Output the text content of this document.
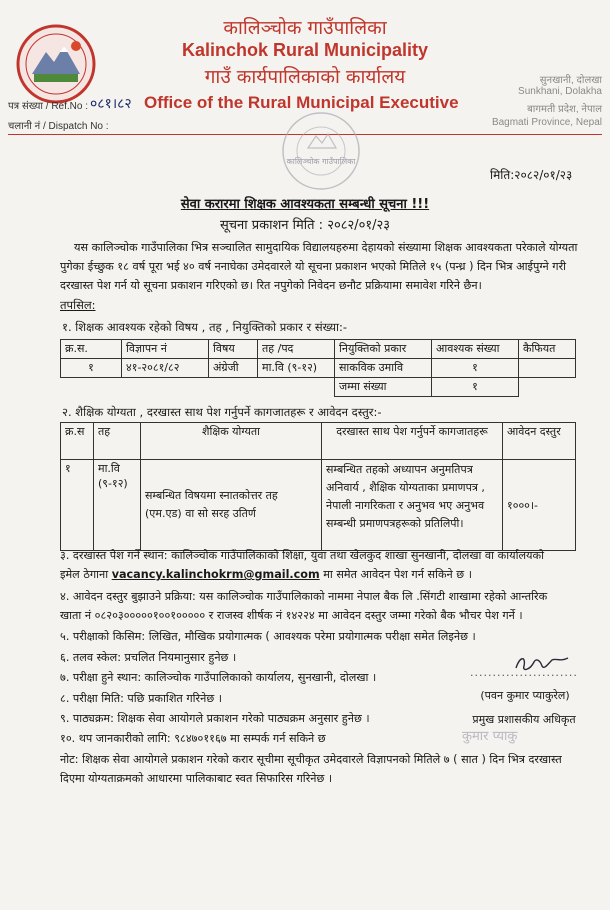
कालिञ्चोक गाउँपालिका
Kalinchok Rural Municipality
गाउँ कार्यपालिकाको कार्यालय
पत्र संख्या / Ref.No : ०८१।८२ Office of the Rural Municipal Executive
चलानी नं / Dispatch No :
सुनखानी, दोलखा
Sunkhani, Dolakha
बागमती प्रदेश, नेपाल
Bagmati Province, Nepal
कालिञ्चोक गाउँपालिका
मिति:२०८२/०१/२३
सेवा करारमा शिक्षक आवश्यकता सम्बन्धी सूचना !!!
सूचना प्रकाशन मिति : २०८२/०१/२३
यस कालिञ्चोक गाउँपालिका भित्र सञ्चालित सामुदायिक विद्यालयहरुमा देहायको संख्यामा शिक्षक आवश्यकता परेकाले योग्यता पुगेका ईच्छुक १८ वर्ष पूरा भई ४० वर्ष ननाघेका उमेदवारले यो सूचना प्रकाशन भएको मितिले १५ (पन्ध्र ) दिन भित्र आईपुग्ने गरी दरखास्त पेश गर्न यो सूचना प्रकाशन गरिएको छ। रित नपुगेको निवेदन छनौट प्रक्रियामा समावेश गरिने छैन।
तपसिल:
१. शिक्षक आवश्यक रहेको विषय , तह , नियुक्तिको प्रकार र संख्या:-
क्र.स.	विज्ञापन नं	विषय	तह /पद	नियुक्तिको प्रकार	आवश्यक संख्या	कैफियत
१	४१-२०८१/८२	अंग्रेजी	मा.वि (९-१२)	साकविक उमावि	१	
				जम्मा संख्या	१	
२. शैक्षिक योग्यता , दरखास्त साथ पेश गर्नुपर्ने कागजातहरू र आवेदन दस्तुर:-
क्र.स	तह	शैक्षिक योग्यता	दरखास्त साथ पेश गर्नुपर्ने कागजातहरू	आवेदन दस्तुर
१	मा.वि (९-१२)	सम्बन्धित विषयमा स्नातकोत्तर तह (एम.एड) वा सो सरह उतिर्ण	सम्बन्धित तहको अध्यापन अनुमतिपत्र अनिवार्य , शैक्षिक योग्यताका प्रमाणपत्र , नेपाली नागरिकता र अनुभव भए अनुभव सम्बन्धी प्रमाणपत्रहरूको प्रतिलिपी।	१०००।-
३. दरखास्त पेश गर्ने स्थान: कालिञ्चोक गाउँपालिकाको शिक्षा, युवा तथा खेलकुद शाखा सुनखानी, दोलखा वा कार्यालयको
इमेल ठेगाना vacancy.kalinchokrm@gmail.com मा समेत आवेदन पेश गर्न सकिने छ ।
४. आवेदन दस्तुर बुझाउने प्रक्रिया: यस कालिञ्चोक गाउँपालिकाको नाममा नेपाल बैक लि .सिंगटी शाखामा रहेको आन्तरिक
खाता नं ०८२०३०००००१००१००००० र राजस्व शीर्षक नं १४२२४ मा आवेदन दस्तुर जम्मा गरेको बैक भौचर पेश गर्ने ।
५. परीक्षाको किसिम: लिखित, मौखिक प्रयोगात्मक ( आवश्यक परेमा प्रयोगात्मक परीक्षा समेत लिइनेछ ।
६. तलव स्केल: प्रचलित नियमानुसार हुनेछ ।
७. परीक्षा हुने स्थान: कालिञ्चोक गाउँपालिकाको कार्यालय, सुनखानी, दोलखा ।
८. परीक्षा मिति: पछि प्रकाशित गरिनेछ ।
९. पाठ्यक्रम: शिक्षक सेवा आयोगले प्रकाशन गरेको पाठ्यक्रम अनुसार हुनेछ ।
१०. थप जानकारीको लागि: ९८४७०११६७ मा सम्पर्क गर्न सकिने छ
........................
(पवन कुमार प्याकुरेल)
प्रमुख प्रशासकीय अधिकृत
कुमार प्याकु
नोट: शिक्षक सेवा आयोगले प्रकाशन गरेको करार सूचीमा सूचीकृत उमेदवारले विज्ञापनको मितिले ७ ( सात ) दिन भित्र दरखास्त दिएमा योग्यताक्रमको आधारमा पालिकाबाट स्वत सिफारिस गरिनेछ ।
